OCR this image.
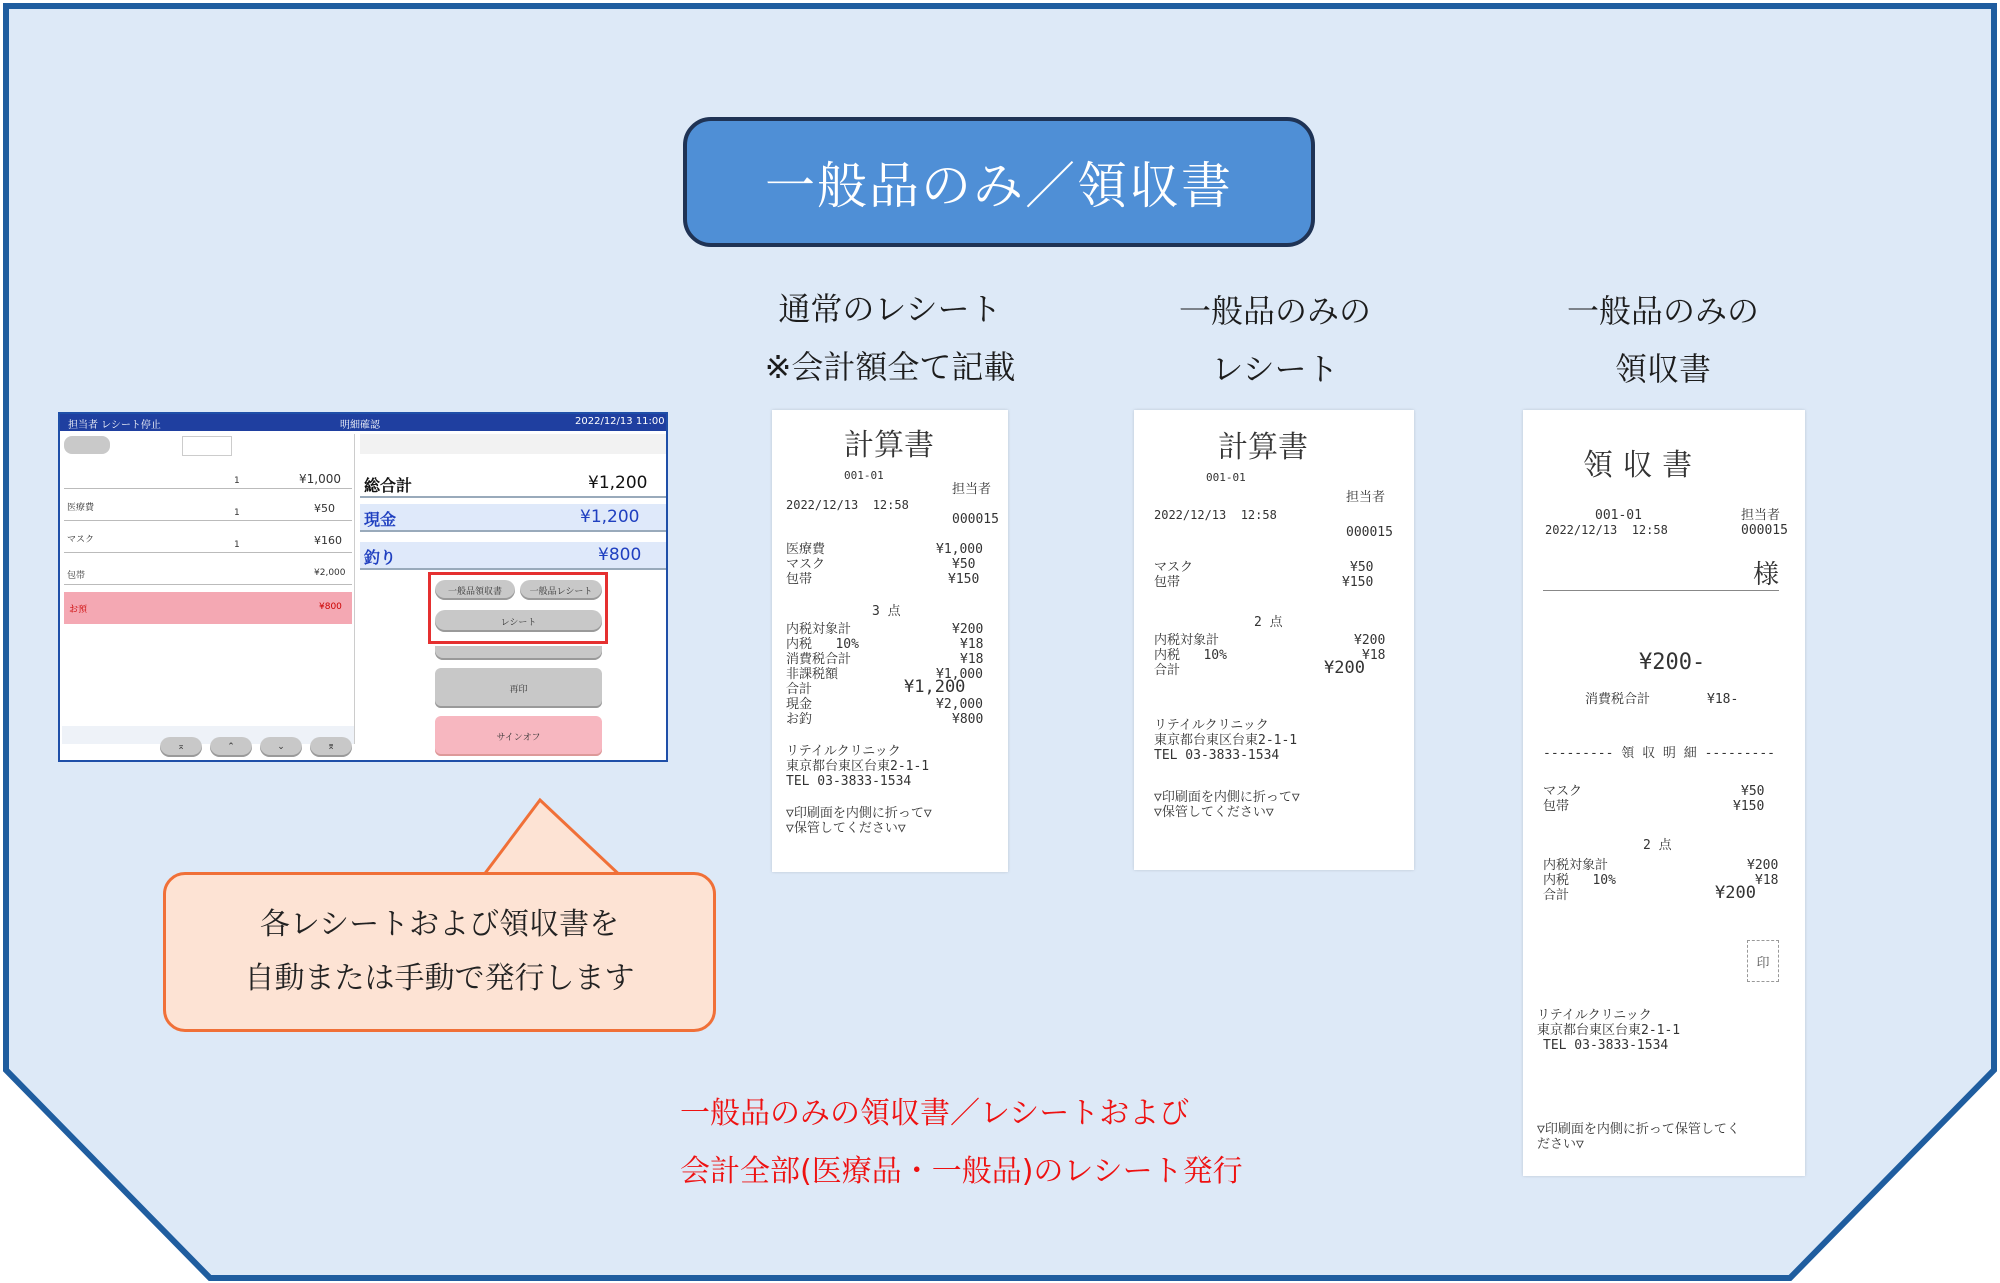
一般品のみ／領収書
通常のレシート
※会計額全て記載
一般品のみの
レシート
一般品のみの
領収書
担当者 レシート停止	明細確認	2022/12/13 11:00
1	¥1,000
医療費	1	¥50
マスク	1	¥160
包帯	¥2,000
お預	¥800
⌅	⌃	⌄	⌆
総合計	¥1,200
現金	¥1,200
釣り	¥800
一般品領収書	一般品レシート
レシート
再印
サインオフ
各レシートおよび領収書を
自動または手動で発行します
一般品のみの領収書／レシートおよび
会計全部(医療品・一般品)のレシート発行
計算書
001-01
担当者
2022/12/13  12:58
000015
医療費	¥1,000
マスク	¥50
包帯	¥150
3 点
内税対象計	¥200
内税   10%	¥18
消費税合計	¥18
非課税額	¥1,000
合計	¥1,200
現金	¥2,000
お釣	¥800
リテイルクリニック
東京都台東区台東2-1-1
TEL 03-3833-1534
▽印刷面を内側に折って▽
▽保管してください▽
計算書
001-01
担当者
2022/12/13  12:58
000015
マスク	¥50
包帯	¥150
2 点
内税対象計	¥200
内税   10%	¥18
合計	¥200
リテイルクリニック
東京都台東区台東2-1-1
TEL 03-3833-1534
▽印刷面を内側に折って▽
▽保管してください▽
領 収 書
001-01	担当者
2022/12/13  12:58	000015
様
¥200-
消費税合計	¥18-
--------- 領 収 明 細 ---------
マスク	¥50
包帯	¥150
2 点
内税対象計	¥200
内税   10%	¥18
合計	¥200
印
リテイルクリニック
東京都台東区台東2-1-1
TEL 03-3833-1534
▽印刷面を内側に折って保管してく
ださい▽
